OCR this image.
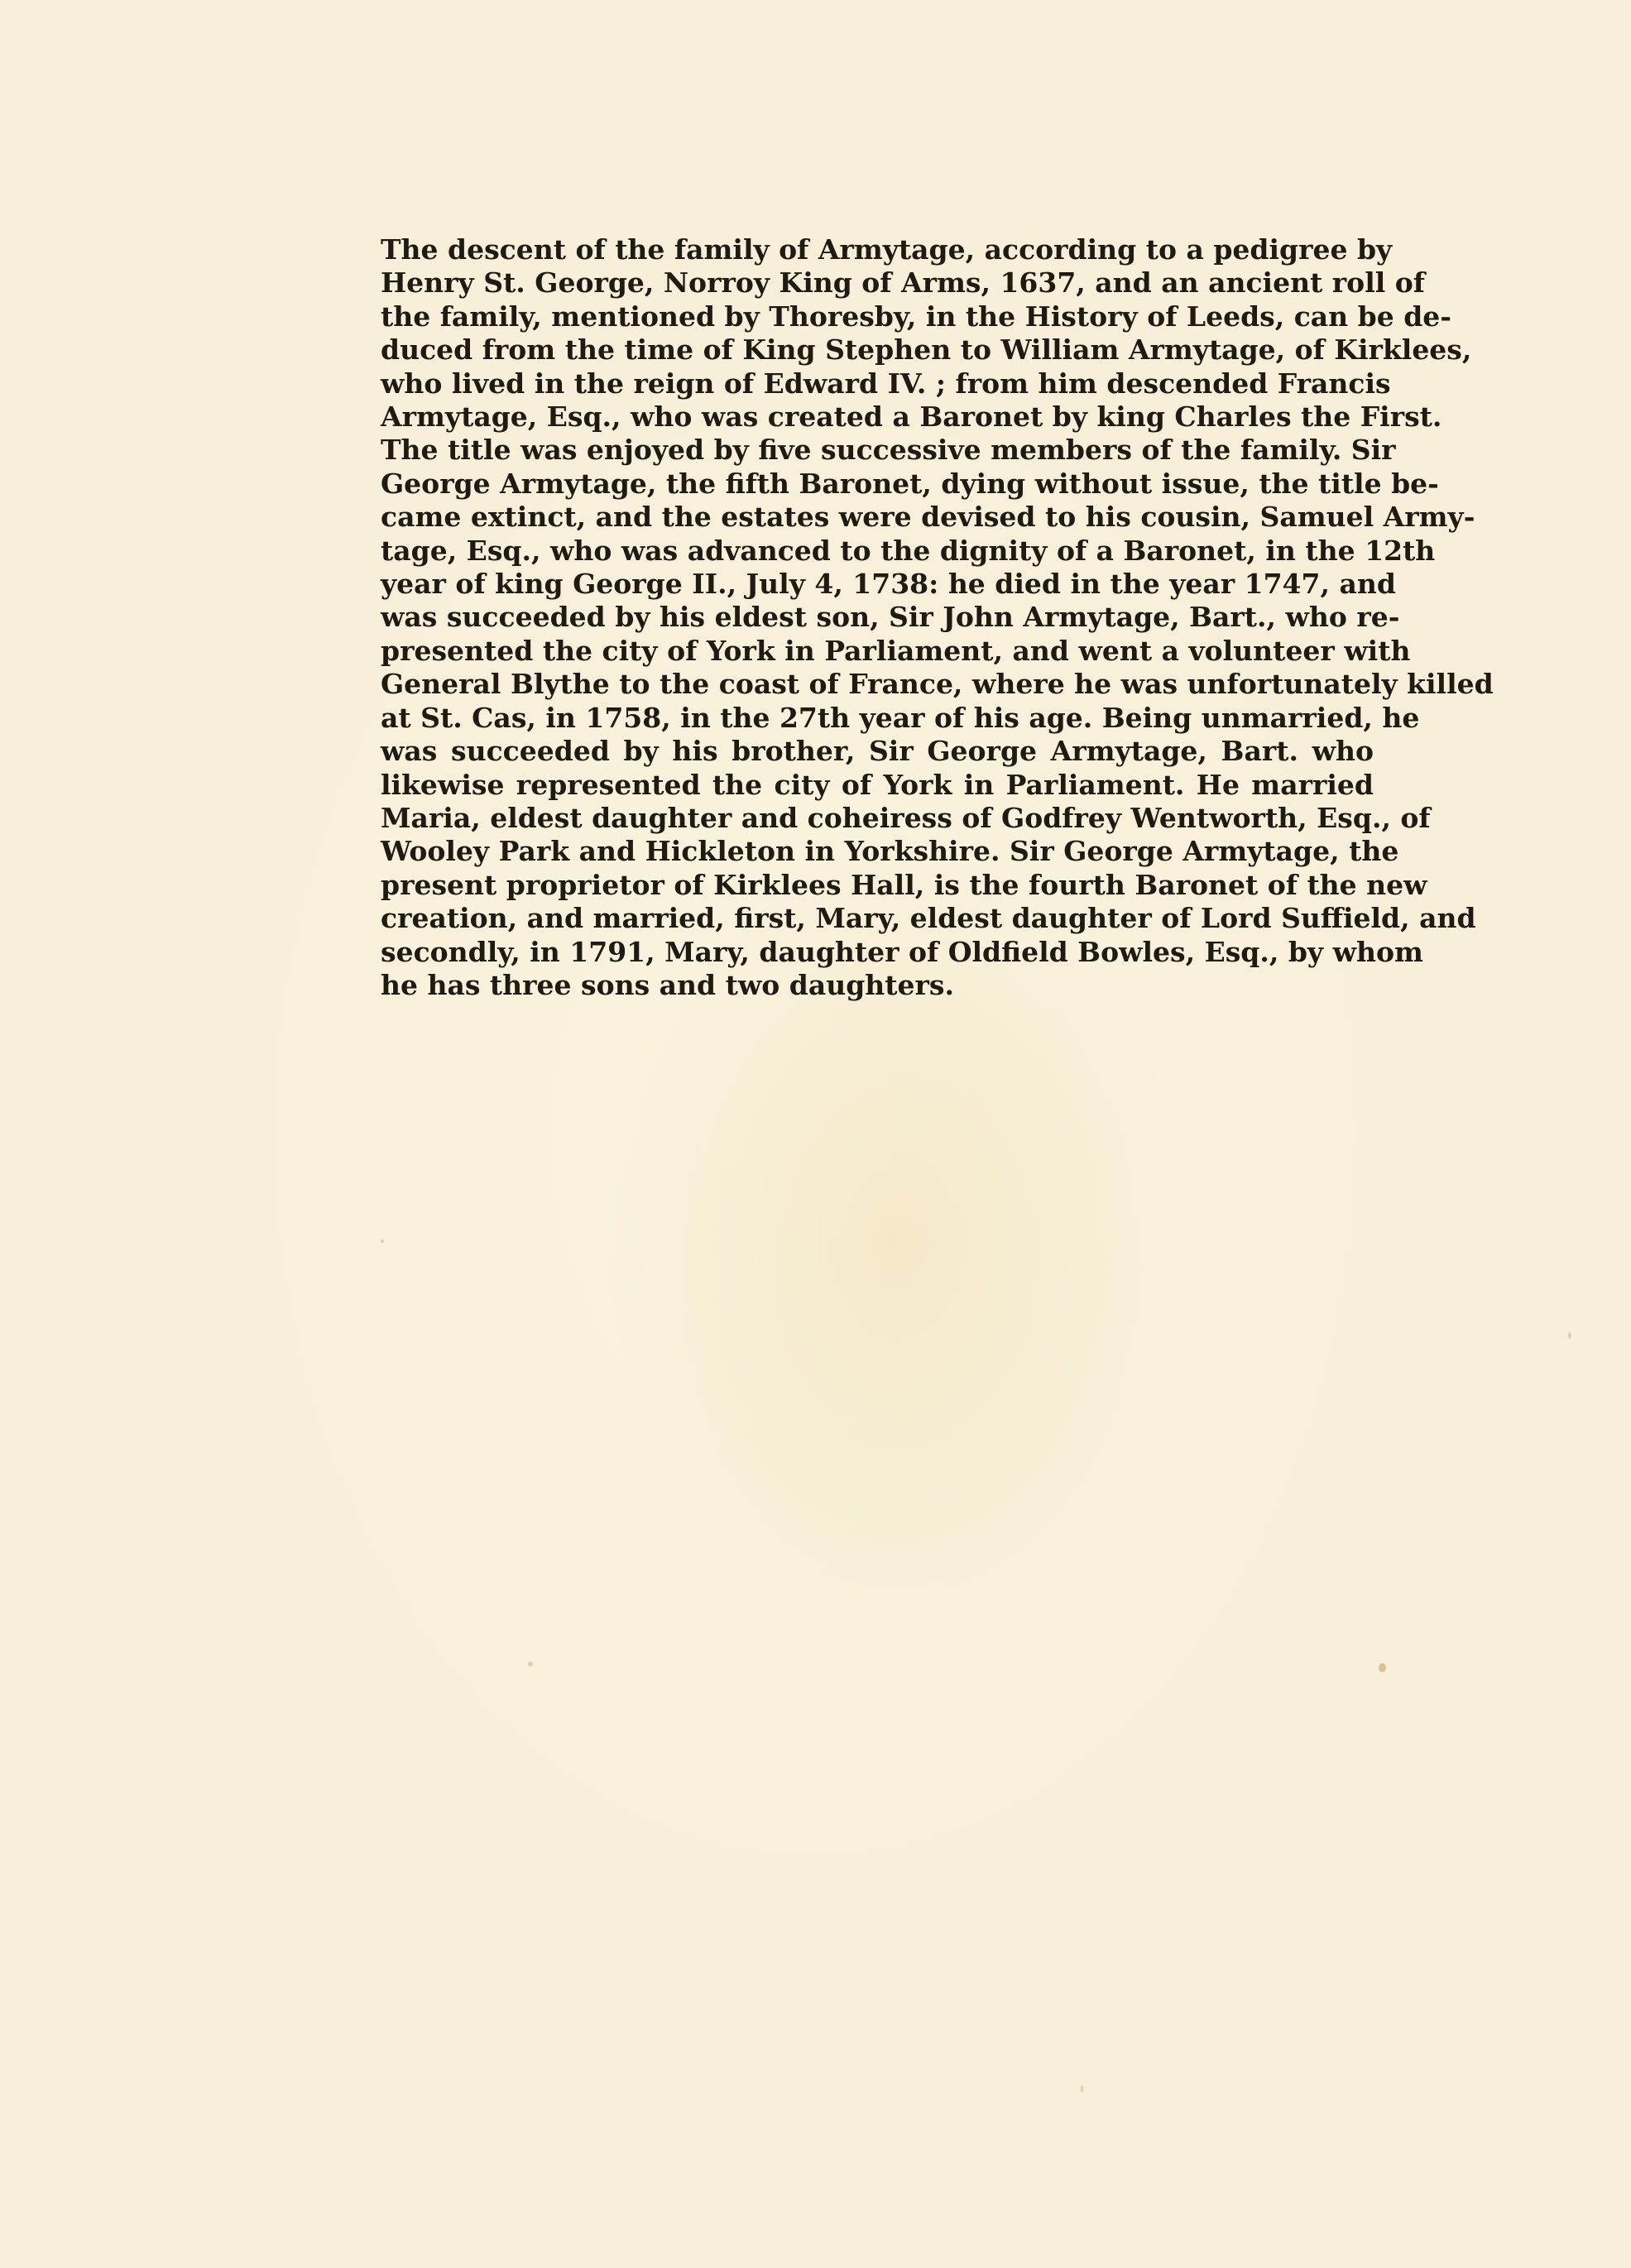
The descent of the family of Armytage, according to a pedigree by
Henry St. George, Norroy King of Arms, 1637, and an ancient roll of
the family, mentioned by Thoresby, in the History of Leeds, can be de-
duced from the time of King Stephen to William Armytage, of Kirklees,
who lived in the reign of Edward IV. ; from him descended Francis
Armytage, Esq., who was created a Baronet by king Charles the First.
The title was enjoyed by five successive members of the family. Sir
George Armytage, the fifth Baronet, dying without issue, the title be-
came extinct, and the estates were devised to his cousin, Samuel Army-
tage, Esq., who was advanced to the dignity of a Baronet, in the 12th
year of king George II., July 4, 1738: he died in the year 1747, and
was succeeded by his eldest son, Sir John Armytage, Bart., who re-
presented the city of York in Parliament, and went a volunteer with
General Blythe to the coast of France, where he was unfortunately killed
at St. Cas, in 1758, in the 27th year of his age. Being unmarried, he
was succeeded by his brother, Sir George Armytage, Bart. who
likewise represented the city of York in Parliament. He married
Maria, eldest daughter and coheiress of Godfrey Wentworth, Esq., of
Wooley Park and Hickleton in Yorkshire. Sir George Armytage, the
present proprietor of Kirklees Hall, is the fourth Baronet of the new
creation, and married, first, Mary, eldest daughter of Lord Suffield, and
secondly, in 1791, Mary, daughter of Oldfield Bowles, Esq., by whom
he has three sons and two daughters.
